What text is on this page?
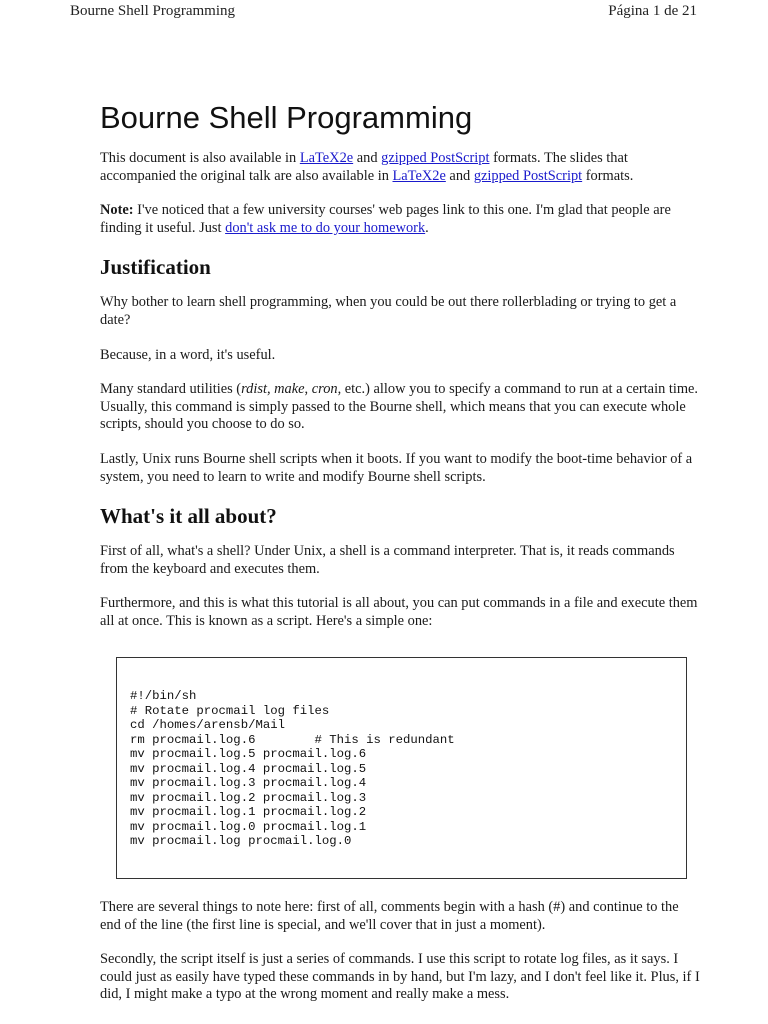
Bourne Shell Programming	Página 1 de 21
Bourne Shell Programming

This document is also available in LaTeX2e and gzipped PostScript formats. The slides that accompanied the original talk are also available in LaTeX2e and gzipped PostScript formats.

Note: I've noticed that a few university courses' web pages link to this one. I'm glad that people are finding it useful. Just don't ask me to do your homework.

Justification

Why bother to learn shell programming, when you could be out there rollerblading or trying to get a date?

Because, in a word, it's useful.

Many standard utilities (rdist, make, cron, etc.) allow you to specify a command to run at a certain time. Usually, this command is simply passed to the Bourne shell, which means that you can execute whole scripts, should you choose to do so.

Lastly, Unix runs Bourne shell scripts when it boots. If you want to modify the boot-time behavior of a system, you need to learn to write and modify Bourne shell scripts.

What's it all about?

First of all, what's a shell? Under Unix, a shell is a command interpreter. That is, it reads commands from the keyboard and executes them.

Furthermore, and this is what this tutorial is all about, you can put commands in a file and execute them all at once. This is known as a script. Here's a simple one:

#!/bin/sh
# Rotate procmail log files
cd /homes/arensb/Mail
rm procmail.log.6        # This is redundant
mv procmail.log.5 procmail.log.6
mv procmail.log.4 procmail.log.5
mv procmail.log.3 procmail.log.4
mv procmail.log.2 procmail.log.3
mv procmail.log.1 procmail.log.2
mv procmail.log.0 procmail.log.1
mv procmail.log procmail.log.0

There are several things to note here: first of all, comments begin with a hash (#) and continue to the end of the line (the first line is special, and we'll cover that in just a moment).

Secondly, the script itself is just a series of commands. I use this script to rotate log files, as it says. I could just as easily have typed these commands in by hand, but I'm lazy, and I don't feel like it. Plus, if I did, I might make a typo at the wrong moment and really make a mess.
